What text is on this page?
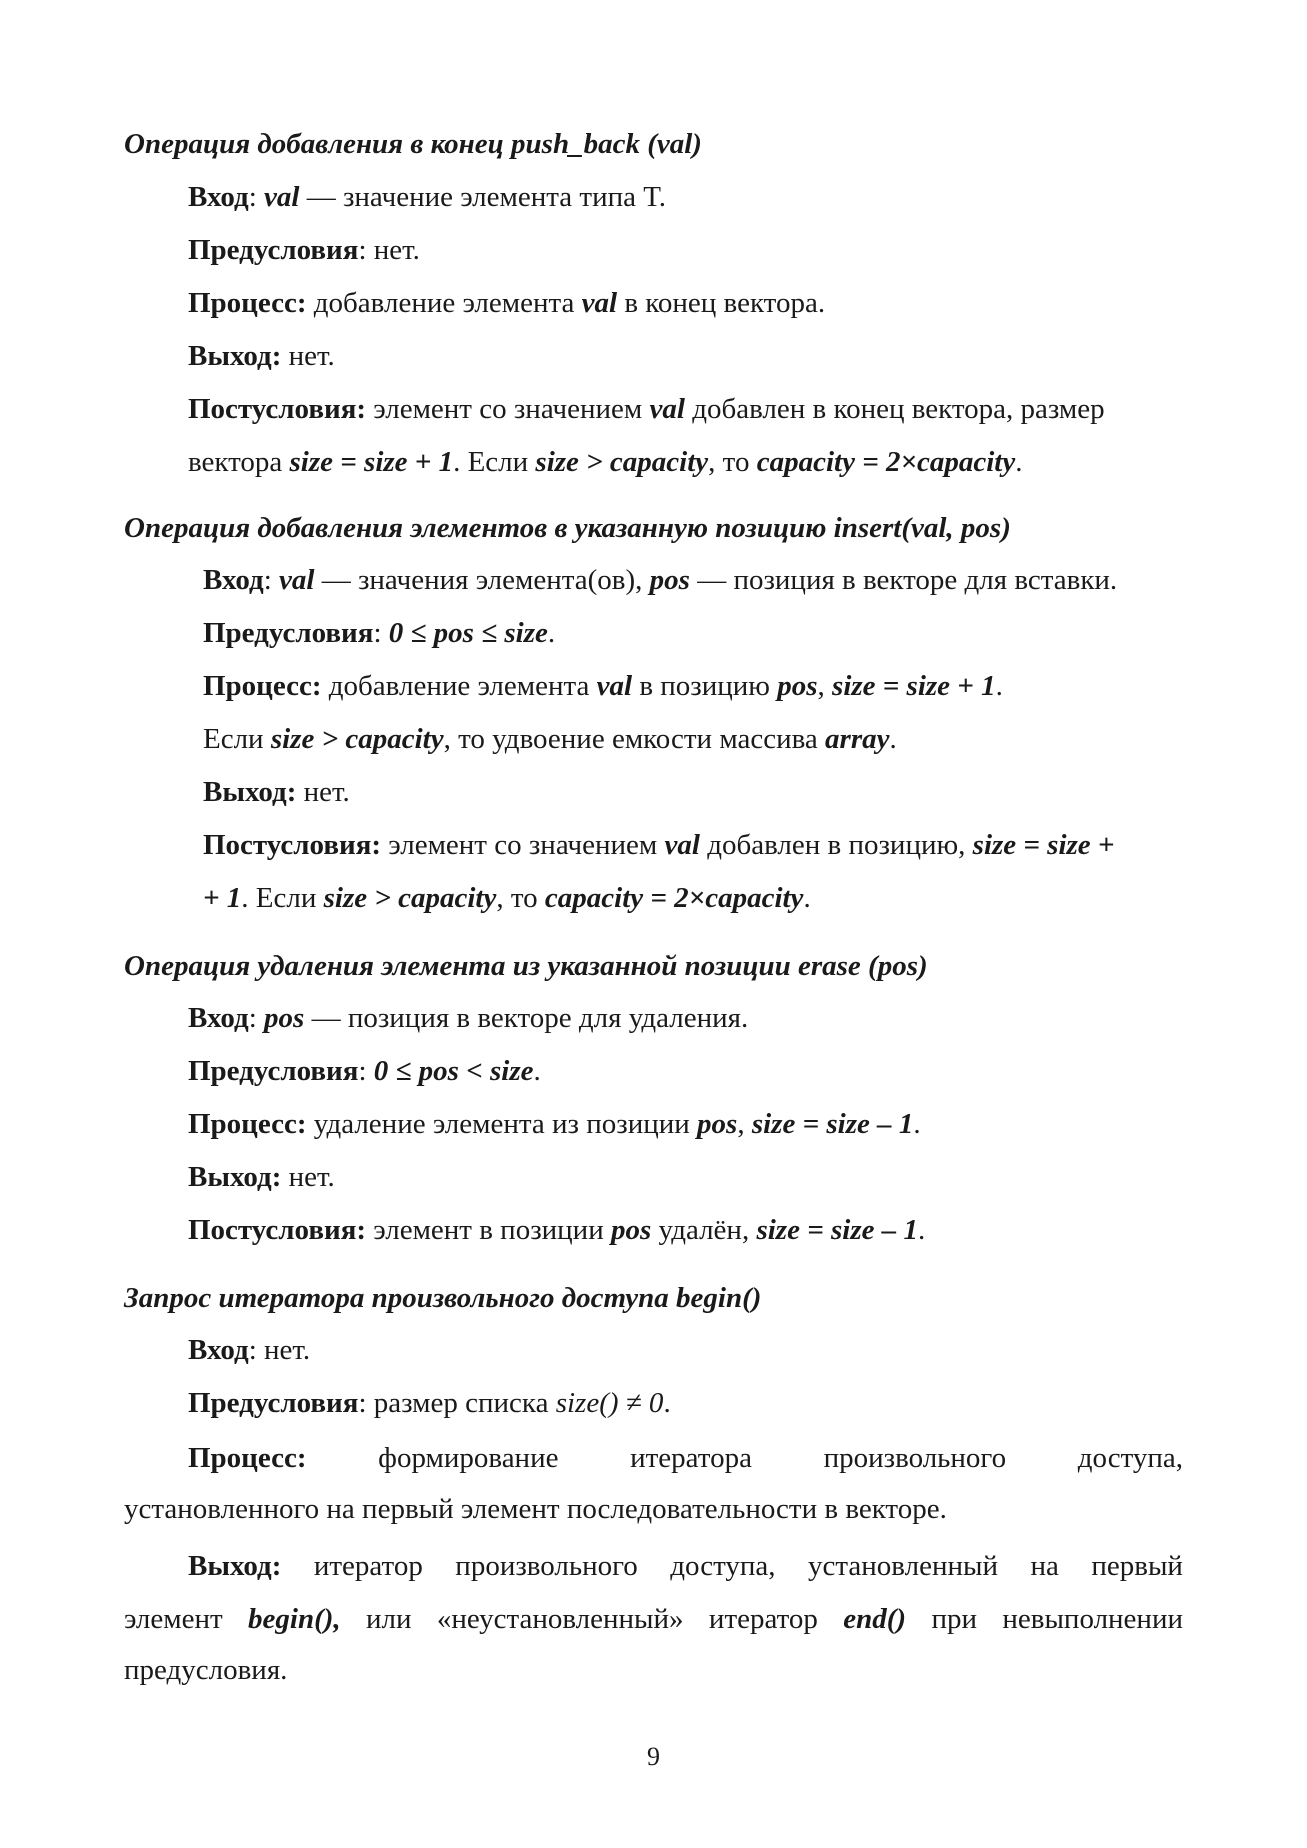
Операция добавления в конец push_back (val)

Вход: val — значение элемента типа T.

Предусловия: нет.

Процесс: добавление элемента val в конец вектора.

Выход: нет.

Постусловия: элемент со значением val добавлен в конец вектора, размер

вектора size = size + 1. Если size > capacity, то capacity = 2×capacity.

Операция добавления элементов в указанную позицию insert(val, pos)

Вход: val — значения элемента(ов), pos — позиция в векторе для вставки.

Предусловия: 0 ≤ pos ≤ size.

Процесс: добавление элемента val в позицию pos, size = size + 1.

Если size > capacity, то удвоение емкости массива array.

Выход: нет.

Постусловия: элемент со значением val добавлен в позицию, size = size +

+ 1. Если size > capacity, то capacity = 2×capacity.

Операция удаления элемента из указанной позиции erase (pos)

Вход: pos — позиция в векторе для удаления.

Предусловия: 0 ≤ pos < size.

Процесс: удаление элемента из позиции pos, size = size – 1.

Выход: нет.

Постусловия: элемент в позиции pos удалён, size = size – 1.

Запрос итератора произвольного доступа begin()

Вход: нет.

Предусловия: размер списка size() ≠ 0.

Процесс: формирование итератора произвольного доступа,

установленного на первый элемент последовательности в векторе.

Выход: итератор произвольного доступа, установленный на первый

элемент begin(), или «неустановленный» итератор end() при невыполнении

предусловия.

9
